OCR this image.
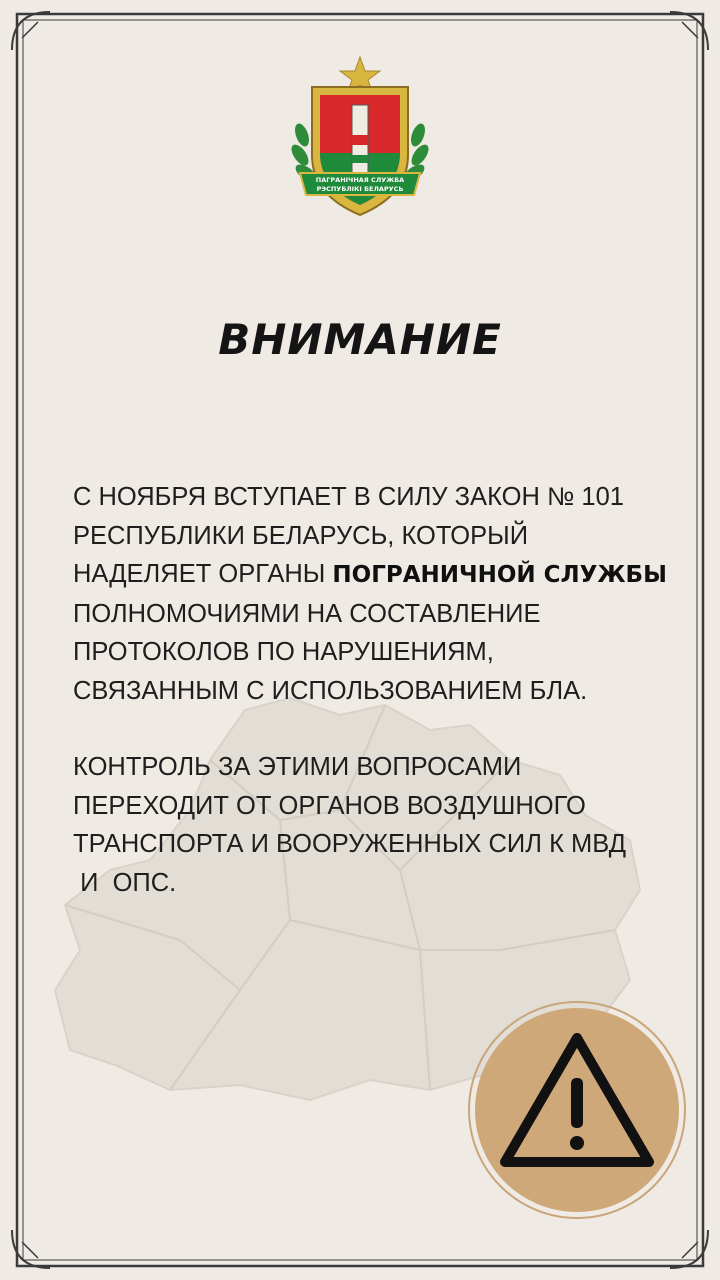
ПАГРАНІЧНАЯ СЛУЖБА
РЭСПУБЛІКІ БЕЛАРУСЬ
ВНИМАНИЕ

С НОЯБРЯ ВСТУПАЕТ В СИЛУ ЗАКОН № 101
РЕСПУБЛИКИ БЕЛАРУСЬ, КОТОРЫЙ
НАДЕЛЯЕТ ОРГАНЫ ПОГРАНИЧНОЙ СЛУЖБЫ
ПОЛНОМОЧИЯМИ НА СОСТАВЛЕНИЕ
ПРОТОКОЛОВ ПО НАРУШЕНИЯМ,
СВЯЗАННЫМ С ИСПОЛЬЗОВАНИЕМ БЛА.

КОНТРОЛЬ ЗА ЭТИМИ ВОПРОСАМИ
ПЕРЕХОДИТ ОТ ОРГАНОВ ВОЗДУШНОГО
ТРАНСПОРТА И ВООРУЖЕННЫХ СИЛ К МВД
И  ОПС.
